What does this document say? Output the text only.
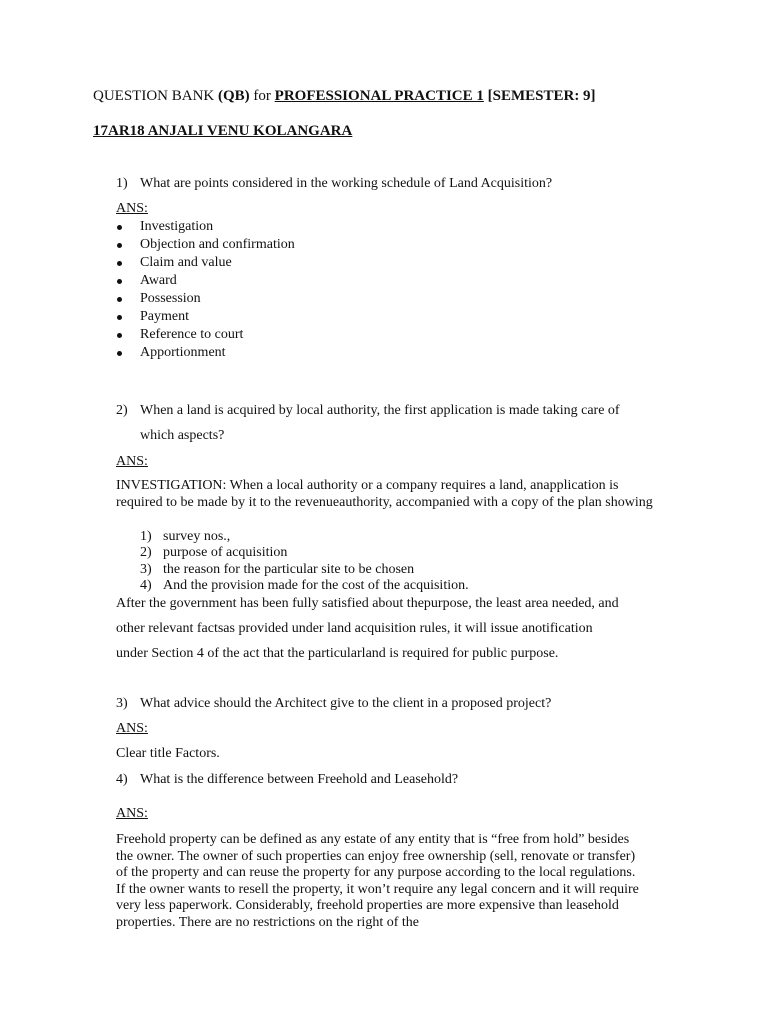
QUESTION BANK (QB) for PROFESSIONAL PRACTICE 1 [SEMESTER: 9]
17AR18 ANJALI VENU KOLANGARA
1) What are points considered in the working schedule of Land Acquisition?
ANS:
Investigation
Objection and confirmation
Claim and value
Award
Possession
Payment
Reference to court
Apportionment
2) When a land is acquired by local authority, the first application is made taking care of
which aspects?
ANS:
INVESTIGATION: When a local authority or a company requires a land, anapplication is required to be made by it to the revenueauthority, accompanied with a copy of the plan showing
1) survey nos.,
2) purpose of acquisition
3) the reason for the particular site to be chosen
4) And the provision made for the cost of the acquisition.
After the government has been fully satisfied about thepurpose, the least area needed, and
other relevant factsas provided under land acquisition rules, it will issue anotification
under Section 4 of the act that the particularland is required for public purpose.
3) What advice should the Architect give to the client in a proposed project?
ANS:
Clear title Factors.
4) What is the difference between Freehold and Leasehold?
ANS:
Freehold property can be defined as any estate of any entity that is “free from hold” besides the owner. The owner of such properties can enjoy free ownership (sell, renovate or transfer) of the property and can reuse the property for any purpose according to the local regulations. If the owner wants to resell the property, it won’t require any legal concern and it will require very less paperwork. Considerably, freehold properties are more expensive than leasehold properties. There are no restrictions on the right of the
